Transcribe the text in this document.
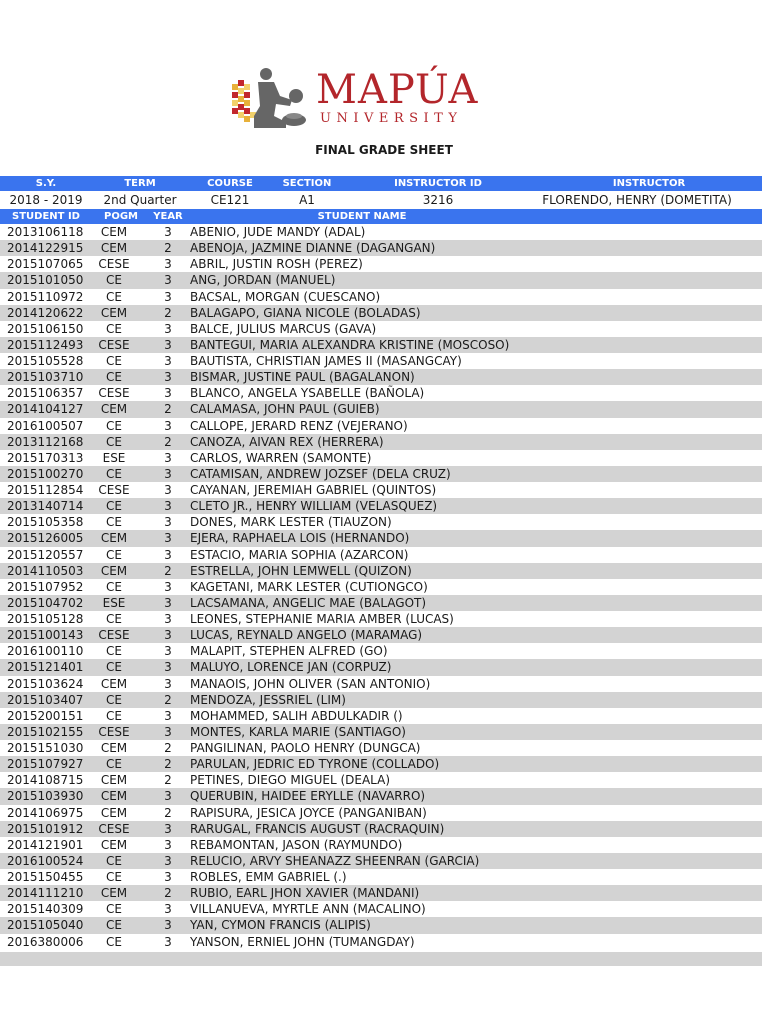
MAPÚA
UNIVERSITY
FINAL GRADE SHEET
S.Y.	TERM	COURSE	SECTION	INSTRUCTOR ID	INSTRUCTOR
2018 - 2019 2nd Quarter	CE121	A1	3216	FLORENDO, HENRY (DOMETITA)
STUDENT ID POGM YEAR	STUDENT NAME
2013106118 CEM	3 ABENIO, JUDE MANDY (ADAL)
2014122915 CEM	2 ABENOJA, JAZMINE DIANNE (DAGANGAN)
2015107065 CESE	3 ABRIL, JUSTIN ROSH (PEREZ)
2015101050 CE	3 ANG, JORDAN (MANUEL)
2015110972 CE	3 BACSAL, MORGAN (CUESCANO)
2014120622 CEM	2 BALAGAPO, GIANA NICOLE (BOLADAS)
2015106150 CE	3 BALCE, JULIUS MARCUS (GAVA)
2015112493 CESE	3 BANTEGUI, MARIA ALEXANDRA KRISTINE (MOSCOSO)
2015105528 CE	3 BAUTISTA, CHRISTIAN JAMES II (MASANGCAY)
2015103710 CE	3 BISMAR, JUSTINE PAUL (BAGALANON)
2015106357 CESE	3 BLANCO, ANGELA YSABELLE (BAÑOLA)
2014104127 CEM	2 CALAMASA, JOHN PAUL (GUIEB)
2016100507 CE	3 CALLOPE, JERARD RENZ (VEJERANO)
2013112168 CE	2 CANOZA, AIVAN REX (HERRERA)
2015170313 ESE	3 CARLOS, WARREN (SAMONTE)
2015100270 CE	3 CATAMISAN, ANDREW JOZSEF (DELA CRUZ)
2015112854 CESE	3 CAYANAN, JEREMIAH GABRIEL (QUINTOS)
2013140714 CE	3 CLETO JR., HENRY WILLIAM (VELASQUEZ)
2015105358 CE	3 DONES, MARK LESTER (TIAUZON)
2015126005 CEM	3 EJERA, RAPHAELA LOIS (HERNANDO)
2015120557 CE	3 ESTACIO, MARIA SOPHIA (AZARCON)
2014110503 CEM	2 ESTRELLA, JOHN LEMWELL (QUIZON)
2015107952 CE	3 KAGETANI, MARK LESTER (CUTIONGCO)
2015104702 ESE	3 LACSAMANA, ANGELIC MAE (BALAGOT)
2015105128 CE	3 LEONES, STEPHANIE MARIA AMBER (LUCAS)
2015100143 CESE	3 LUCAS, REYNALD ANGELO (MARAMAG)
2016100110 CE	3 MALAPIT, STEPHEN ALFRED (GO)
2015121401 CE	3 MALUYO, LORENCE JAN (CORPUZ)
2015103624 CEM	3 MANAOIS, JOHN OLIVER (SAN ANTONIO)
2015103407 CE	2 MENDOZA, JESSRIEL (LIM)
2015200151 CE	3 MOHAMMED, SALIH ABDULKADIR ()
2015102155 CESE	3 MONTES, KARLA MARIE (SANTIAGO)
2015151030 CEM	2 PANGILINAN, PAOLO HENRY (DUNGCA)
2015107927 CE	2 PARULAN, JEDRIC ED TYRONE (COLLADO)
2014108715 CEM	2 PETINES, DIEGO MIGUEL (DEALA)
2015103930 CEM	3 QUERUBIN, HAIDEE ERYLLE (NAVARRO)
2014106975 CEM	2 RAPISURA, JESICA JOYCE (PANGANIBAN)
2015101912 CESE	3 RARUGAL, FRANCIS AUGUST (RACRAQUIN)
2014121901 CEM	3 REBAMONTAN, JASON (RAYMUNDO)
2016100524 CE	3 RELUCIO, ARVY SHEANAZZ SHEENRAN (GARCIA)
2015150455 CE	3 ROBLES, EMM GABRIEL (.)
2014111210 CEM	2 RUBIO, EARL JHON XAVIER (MANDANI)
2015140309 CE	3 VILLANUEVA, MYRTLE ANN (MACALINO)
2015105040 CE	3 YAN, CYMON FRANCIS (ALIPIS)
2016380006 CE	3 YANSON, ERNIEL JOHN (TUMANGDAY)
